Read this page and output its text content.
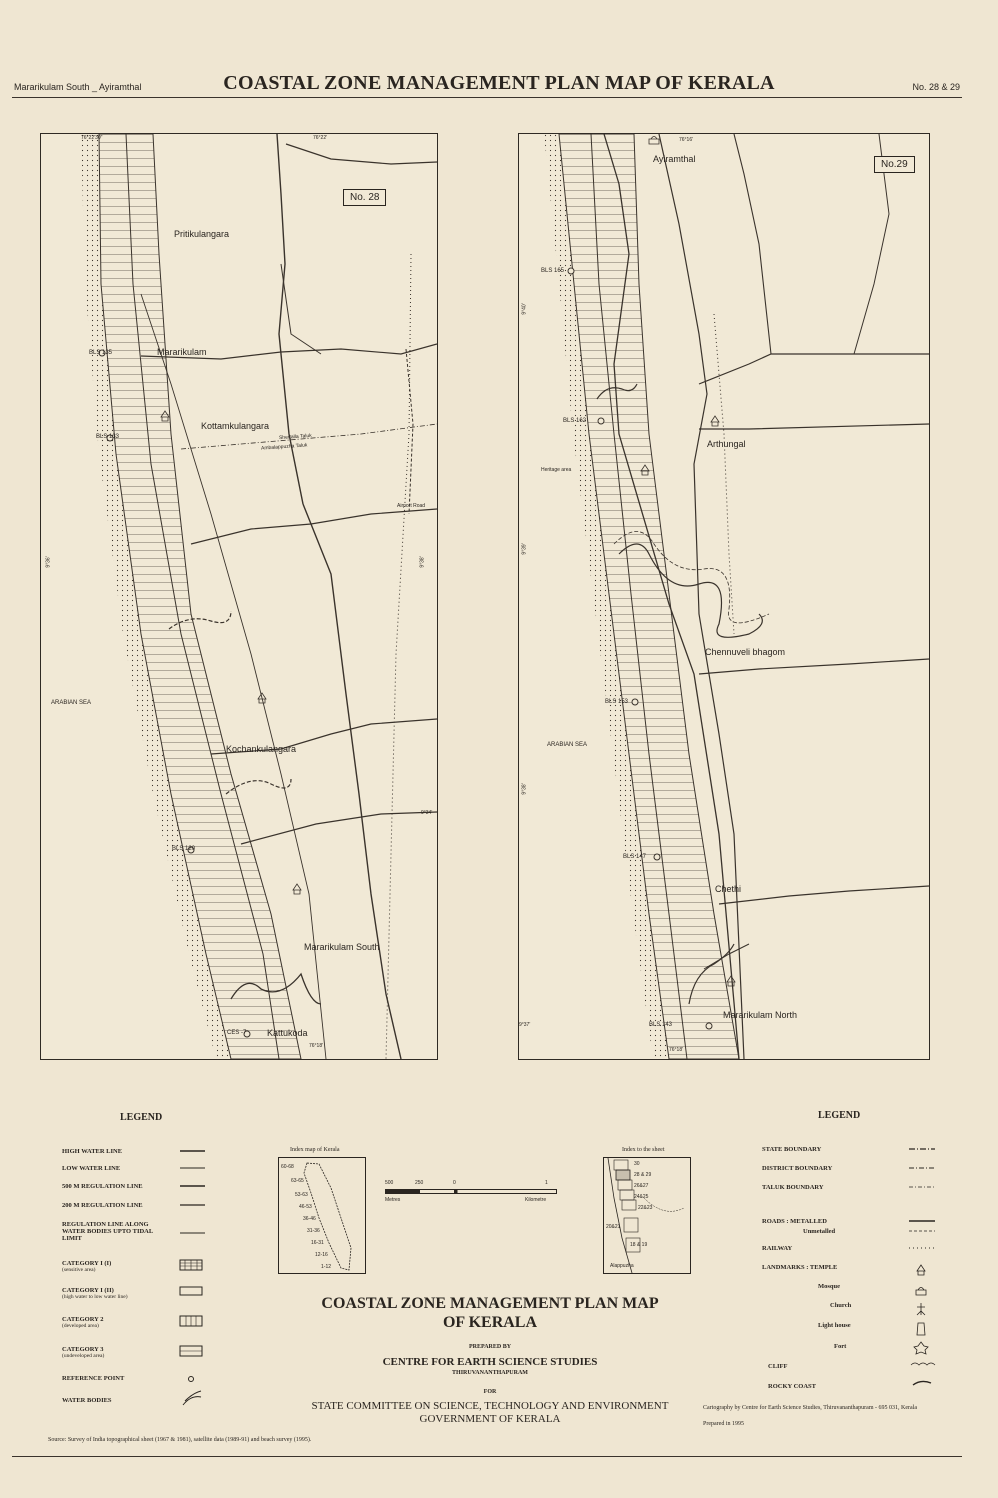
Mararikulam South _ Ayiramthal	COASTAL ZONE MANAGEMENT PLAN MAP OF KERALA	No. 28 & 29
No. 28
Pritikulangara
Mararikulam
Kottamkulangara
Kochankulangara
Mararikulam South
Kattukoda
BLS 135
BLS 133
BLS 120
CES -7
ARABIAN SEA
Shertalla Taluk
Ambalappuzha Taluk
Airport Road
76°22'30"	76°22'
76°18'
9°36'	9°38'
9°34'
No.29
Ayiramthal
Arthungal
Chennuveli bhagom
Chethi
Mararikulam North
BLS 165
BLS 162
BLS 153
BLS 147
BLS 143
ARABIAN SEA
Heritage area
76°16'
76°18'
9°40'
9°39'
9°38'
9°37'
LEGEND
HIGH WATER LINE
LOW WATER LINE
500 M REGULATION LINE
200 M REGULATION LINE
REGULATION LINE ALONG WATER BODIES UPTO TIDAL LIMIT
CATEGORY I (I)
(sensitive area)
CATEGORY I (II)
(high water to low water line)
CATEGORY 2
(developed area)
CATEGORY 3
(undeveloped area)
REFERENCE POINT
WATER BODIES
Index map of Kerala
60-68
63-65
53-63
46-53
36-46
31-36
16-31
12-16
1-12
500	250	0	1
Metres	Kilometre
Index to the sheet
30
28 & 29
26&27
24&25
22&23
20&21
18 & 19
Alappuzha
COASTAL ZONE MANAGEMENT PLAN MAP
OF KERALA
PREPARED BY
CENTRE FOR EARTH SCIENCE STUDIES
THIRUVANANTHAPURAM
FOR
STATE COMMITTEE ON SCIENCE, TECHNOLOGY AND ENVIRONMENT
GOVERNMENT OF KERALA
LEGEND
STATE BOUNDARY
DISTRICT BOUNDARY
TALUK BOUNDARY
ROADS : METALLED
Unmetalled
RAILWAY
LANDMARKS : TEMPLE
Mosque
Church
Light house
Fort
CLIFF
ROCKY COAST
Cartography by Centre for Earth Science Studies, Thiruvananthapuram - 695 031, Kerala
Prepared in 1995
Source: Survey of India topographical sheet (1967 & 1981), satellite data (1989-91) and beach survey (1995).
